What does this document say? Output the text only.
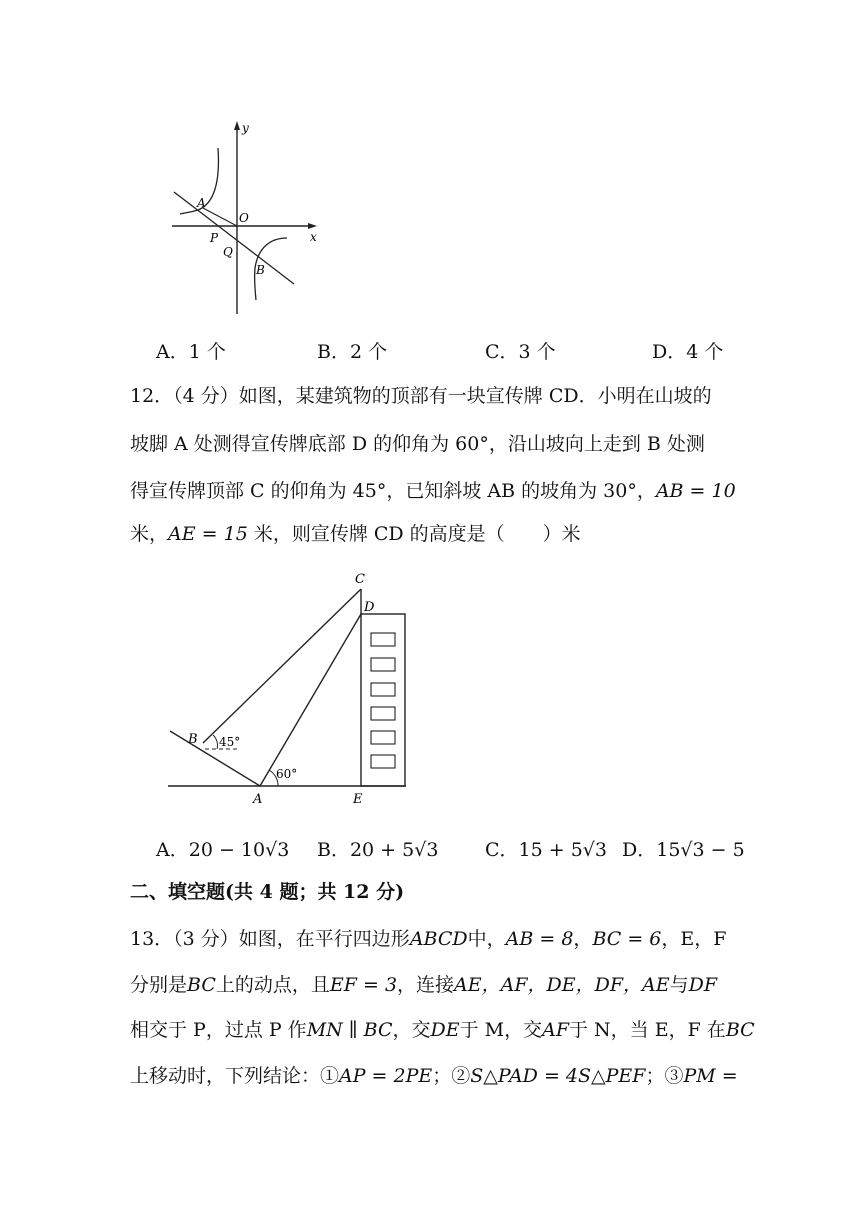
y
x
O
A
P
Q
B
A．1 个	B．2 个	C．3 个	D．4 个
12．（4 分）如图，某建筑物的顶部有一块宣传牌 CD．小明在山坡的
坡脚 A 处测得宣传牌底部 D 的仰角为 60°，沿山坡向上走到 B 处测
得宣传牌顶部 C 的仰角为 45°，已知斜坡 AB 的坡角为 30°，AB = 10
米，AE = 15 米，则宣传牌 CD 的高度是（　　）米
C
D
B
A	E
45°
60°
A．20 − 10√3 B．20 + 5√3 C．15 + 5√3 D．15√3 − 5
二、填空题(共 4 题；共 12 分)
13．（3 分）如图，在平行四边形ABCD中，AB = 8，BC = 6，E，F
分别是BC上的动点，且EF = 3，连接AE，AF，DE，DF，AE与DF
相交于 P，过点 P 作MN ∥ BC，交DE于 M，交AF于 N，当 E，F 在BC
上移动时，下列结论：①AP = 2PE；②S△PAD = 4S△PEF；③PM =
